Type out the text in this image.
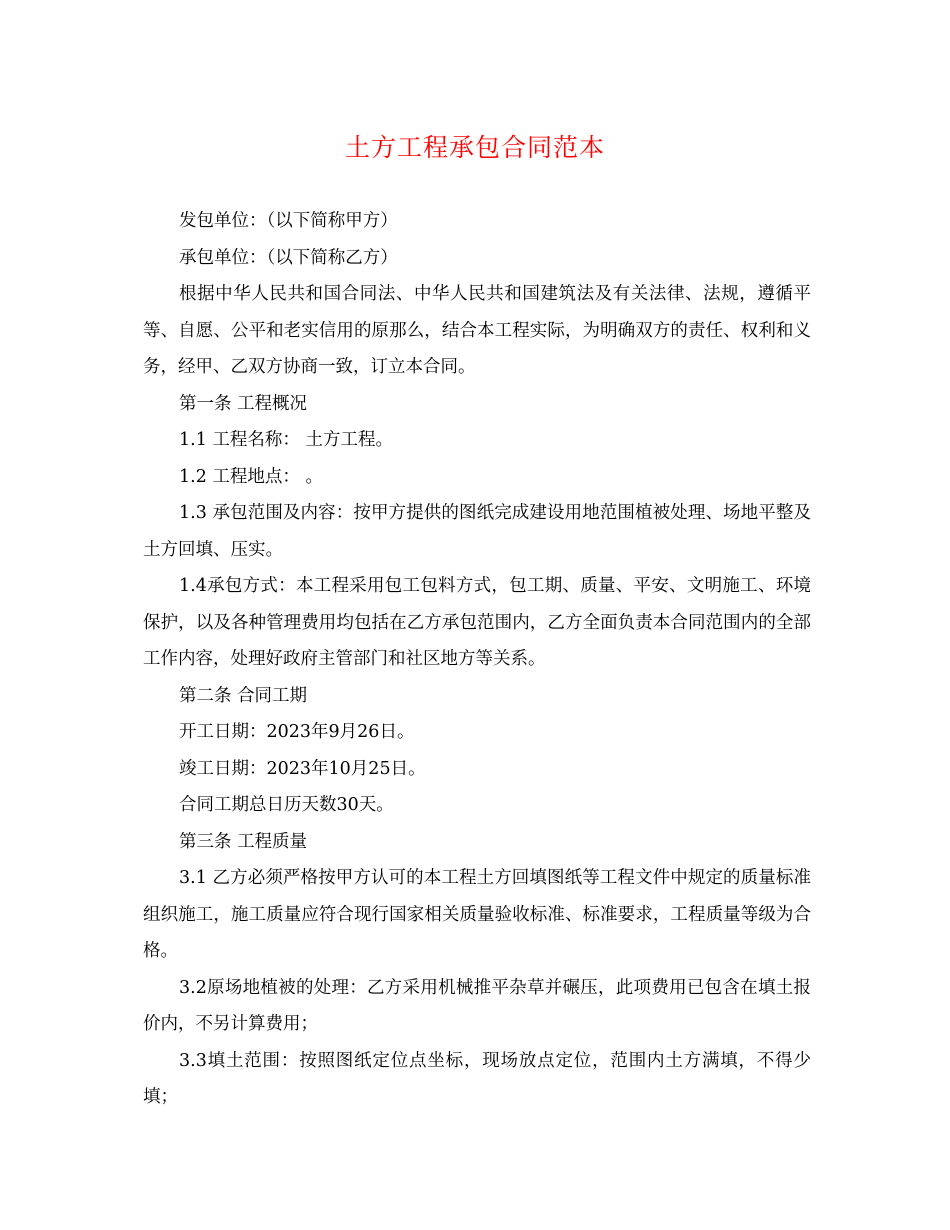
土方工程承包合同范本

发包单位：（以下简称甲方）

承包单位：（以下简称乙方）

根据中华人民共和国合同法、中华人民共和国建筑法及有关法律、法规，遵循平等、自愿、公平和老实信用的原那么，结合本工程实际，为明确双方的责任、权利和义务，经甲、乙双方协商一致，订立本合同。

第一条 工程概况

1.1 工程名称： 土方工程。

1.2 工程地点： 。

1.3 承包范围及内容：按甲方提供的图纸完成建设用地范围植被处理、场地平整及土方回填、压实。

1.4承包方式：本工程采用包工包料方式，包工期、质量、平安、文明施工、环境保护，以及各种管理费用均包括在乙方承包范围内，乙方全面负责本合同范围内的全部工作内容，处理好政府主管部门和社区地方等关系。

第二条 合同工期

开工日期：2023年9月26日。

竣工日期：2023年10月25日。

合同工期总日历天数30天。

第三条 工程质量

3.1 乙方必须严格按甲方认可的本工程土方回填图纸等工程文件中规定的质量标准组织施工，施工质量应符合现行国家相关质量验收标准、标准要求，工程质量等级为合格。

3.2原场地植被的处理：乙方采用机械推平杂草并碾压，此项费用已包含在填土报价内，不另计算费用；

3.3填土范围：按照图纸定位点坐标，现场放点定位，范围内土方满填，不得少填；
